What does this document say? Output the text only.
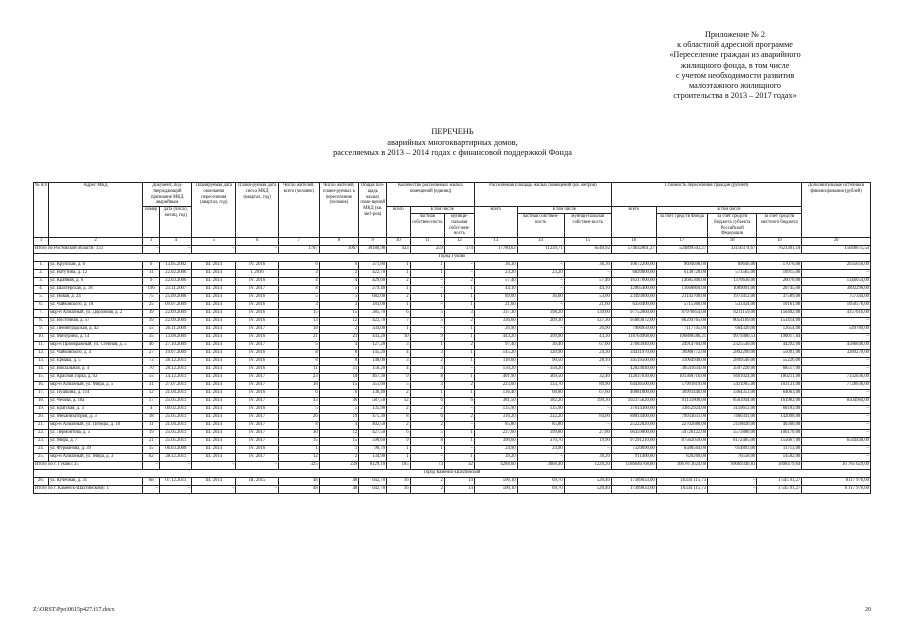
Приложение № 2
к областной адресной программе
«Переселение граждан из аварийного
жилищного фонда, в том числе
с учетом необходимости развития
малоэтажного жилищного
строительства в 2013 – 2017 годах»
ПЕРЕЧЕНЬ
аварийных многоквартирных домов,
расселяемых в 2013 – 2014 годах с финансовой поддержкой Фонда
№ п/п	Адрес МКД	Документ, под-тверждающий признание МКД аварийным		Планируемая дата окончания переселения (квартал, год)	Плани-руемая дата сноса МКД (квартал, год)	Число жителей, всего (человек)	Число жителей, плани-руемых к переселению (человек)	Общая пло-щадь жилых поме-щений МКД (кв. мет-ров)	Количество расселяемых жилых помещений (единиц)			Расселяемая площадь жилых помещений (кв. метров)			Стоимость переселения граждан (рублей)				Дополнительные источники финансирования (рублей)
		номер	дата (число, месяц, год)						всего	в том числе		всего	в том числе		всего	в том числе			
										частная собствен-ность	муници-пальная собст-вен-ность		частная собствен-ность	муници-пальная собствен-ность		за счет средств Фонда	за счет средств бюджета субъекта Российской Федерации	за счет средств местного бюджета	
1	2	3	4	5	6	7	8	9	10	11	12	13	14	15	16	17	18	19	20
Итого по Ростовской области: 133		–	–	–	–	1787	1067	30180,98	433	259	174	17780,63	11239,71	6540,92	574632061,27	524899502,27	33150374,67	7621301,18	15048675,54
Город Гуково																			
1.	ул. Крупская, д. 6	6	13.05.2002	III. 2014	IV. 2016	6	6	371,80	1	1	–	36,30	–	36,30	10672200,00	9694698,00	89646,00	17076,00	2035656,00
2.	ул. Ватутина, д. 12	11	22.02.2006	III. 2014	I. 2016	3	2	422,70	1	1	–	23,20	23,20	–	6820800,00	6138720,00	573565,00	10915,00	–
3.	ул. Крайняя, д. 6	9	22.03.2006	III. 2014	IV. 2016	4	4	429,60	2	–	2	57,40	–	57,40	16317000,00	14685300,00	1370630,00	26070,00	1346654,00
4.	ул. Шахтерская, д. 18	196	23.11.2007	III. 2014	IV. 2017	8	5	279,40	1	–	1	44,10	–	44,10	12965400,00	11668860,00	1089091,00	20745,00	3892296,00
5.	ул. Новая, д. 24	75	25.09.2008	III. 2014	IV. 2016	5	5	682,00	2	1	1	89,00	36,00	53,00	23493000,00	21143700,00	1973412,00	37589,00	757344,00
6.	ул. Чайковского, д. 18	25	09.07.2009	III. 2014	IV. 2016	3	3	183,00	1	–	1	21,60	–	21,60	6350400,00	5715360,00	533434,00	10161,00	1050576,00
7.	мкр-н Алмазный, ул. Дорожная, д. 2	39	22.09.2009	III. 2014	IV. 2016	15	15	385,70	6	5	3	337,30	198,20	139,00	97752060,00	87976854,00	8211159,00	156402,00	4157616,00
8.	ул. Восточная, д. 57	39	22.09.2009	III. 2014	IV. 2016	13	12	422,70	7	5	2	336,60	209,30	127,30	95883072,00	86294765,00	8054169,00	153414,00	–
9.	ул. Ленинградская, д. 42	55	26.11.2009	III. 2014	IV. 2017	18	2	334,00	1	–	1	26,90	–	26,90	7906950,00	7117745,00	664320,00	12654,00	549789,00
10.	ул. Мичурина, д. 14	35	13.08.2009	III. 2014	IV. 2016	21	21	443,20	10	9	1	443,20	399,90	43,30	118764968,00	106888586,21	9979400,53	190017,84	–
11.	мкр-н Приовражный, ул. Степная, д. 5	46	27.10.2009	III. 2014	IV. 2017	5	4	127,20	3	1	2	97,40	30,40	67,00	27683940,00	24914764,00	2325530,00	44292,00	4586640,00
12.	ул. Чайковского, д. 4	27	19.07.2009	III. 2014	IV. 2016	8	8	145,20	4	3	1	145,20	120,90	24,30	34431970,00	30988772,00	2892290,00	55091,00	3289270,00
13.	ул. Ермака, д. 5	73	28.12.2011	III. 2014	IV. 2016	8	8	148,00	3	2	1	118,60	90,50	28,10	34519500,00	31064940,00	2899540,00	55226,00	–
14.	ул. Вокзальная, д. 4	70	28.12.2011	III. 2014	IV. 2016	11	11	150,20	4	4	–	150,20	150,20	–	42824040,00	38541634,00	3597220,00	68517,00	–
15.	ул. Красная Горка, д. 92	55	14.12.2011	III. 2014	IV. 2017	23	18	467,30	9	8	1	401,90	369,50	32,40	112637030,00	101368716,00	9461024,00	180211,00	7332636,00
16.	мкр-н Алмазный, ул. Мира, д. 5	31	27.07.2011	III. 2014	IV. 2017	18	15	351,60	5	3	2	223,60	133,70	89,90	64436500,00	57991819,00	5411905,00	103131,00	7728036,00
17.	ул. Пушкина, д. 114	12	21.04.2011	III. 2014	IV. 2016	6	6	136,40	2	1	1	136,40	68,80	67,60	40881800,00	36991446,00	3364353,00	64063,00	–
18.	ул. Чехова, д. 18а	17	25.05.2011	III. 2014	IV. 2017	43	36	587,50	12	6	6	381,50	182,20	199,30	102375620,00	91131800,00	8503944,00	161982,00	8504984,00
19.	ул. Братская, д. 3	4	09.02.2011	III. 2014	IV. 2016	5	5	135,90	2	2	–	135,90	135,90	–	37614360,00	33852924,00	3159612,00	60183,00	–
20.	ул. Механизаторов, д. 3	18	25.05.2011	III. 2014	IV. 2017	26	19	475,30	8	6	2	316,20	232,20	84,00	88814400,00	79933631,00	7460341,00	142098,00	–
21.	мкр-н Алмазный, ул. Победы, д. 10	11	21.04.2011	III. 2014	IV. 2017	8	4	402,50	2	2	–	85,80	85,80	–	25222020,00	22702680,00	2118820,00	40360,00	–
22.	ул. Лермонтова, д. 5	19	25.05.2011	III. 2014	IV. 2017	30	12	427,50	6	5	1	227,60	199,80	27,80	66359000,00	59720122,00	5573880,00	106170,00	–
23.	ул. Мира, д. 7	21	25.05.2011	III. 2014	IV. 2017	15	15	590,60	9	8	1	390,60	370,70	19,90	97291210,00	87562059,00	8172485,00	155667,00	6544440,00
24.	ул. Фурманова, д. 39	15	06.03.2008	III. 2014	IV. 2016	1	1	98,70	1	1	–	24,90	24,90	–	7320090,00	6588564,00	614893,00	11713,00	–
25.	мкр-н Алмазный, ул. Мира, д. 3	62	28.12.2011	III. 2014	IV. 2017	12	2	134,90	1	–	1	39,20	–	39,20	911400,00	820260,00	76558,00	14582,00	–
Итого по г. Гуково: 25		–	–	–	–	325	239	8129,10	105	73	32	4288,60	3068,40	1220,20	1186646768,00	1067873624,00	99669346,83	1898479,64	16 785 629,00
Город Каменск-Шахтинский																			
26.	ул. Кучечная, д. 31	6н	07.12.2011	III. 2014	III. 2015	48	48	642,70	16	2	14	590,10	69,70	520,40	17389033,00	16334 115,73	–	1 545 91,27	8117 976,00
Итого по г. Каменск-Шахтинскому: 1		–	–	–	–	48	48	642,70	16	2	14	590,10	69,70	520,40	17389033,00	16334 115,73	–	1 545 91,27	8 117 976,00
Z:\ORST\Ppo\0615p427.f17.docx	20
